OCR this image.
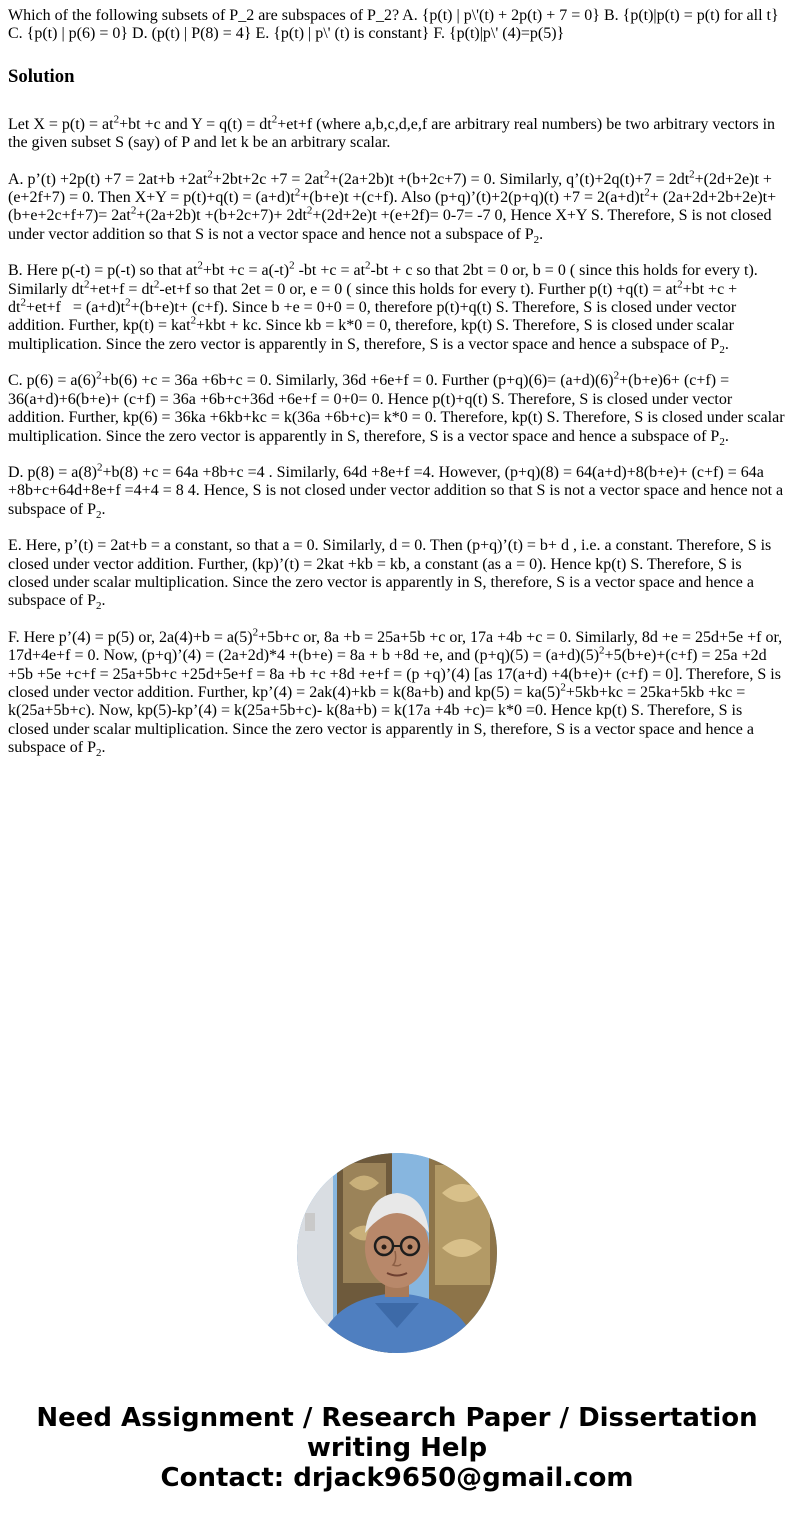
Which of the following subsets of P_2 are subspaces of P_2? A. {p(t) | p\'(t) + 2p(t) + 7 = 0} B. {p(t)|p(t) = p(t) for all t} C. {p(t) | p(6) = 0} D. (p(t) | P(8) = 4} E. {p(t) | p\' (t) is constant} F. {p(t)|p\' (4)=p(5)}

Solution

Let $X = p(t) = at^2+bt +c$ and $Y = q(t) = dt^2+et+f$ (where a,b,c,d,e,f are arbitrary real numbers) be two arbitrary vectors in the given subset S (say) of P and let k be an arbitrary scalar.

A. p’(t) $+2p(t) +7 = 2at+b +2at^2+2bt+2c +7 = 2at^2+(2a+2b)t +(b+2c+7) = 0$. Similarly, q’(t)+2q(t)+7 = $2dt^2+(2d+2e)t +(e+2f+7) = 0$. Then $X+Y = p(t)+q(t) = (a+d)t^2+(b+e)t +(c+f)$. Also (p+q)’(t)+2(p+q)(t) $+7 = 2(a+d)t^2+ (2a+2d+2b+2e)t+(b+e+2c+f+7)= 2at^2+(2a+2b)t +(b+2c+7)+ 2dt^2+(2d+2e)t +(e+2f)= 0-7= -7$ 0, Hence X+Y S. Therefore, S is not closed under vector addition so that S is not a vector space and hence not a subspace of $P_2$.

B. Here p(-t) = p(-t) so that $at^2+bt +c = a(-t)^2$ $-bt +c = at^2-bt + c$ so that 2bt = 0 or, b = 0 ( since this holds for every t). Similarly $dt^2+et+f = dt^2-et+f$ so that 2et = 0 or, e = 0 ( since this holds for every t). Further $p(t) +q(t) = at^2+bt +c + dt^2+et+f = (a+d)t^2+(b+e)t+ (c+f)$. Since b +e = 0+0 = 0, therefore p(t)+q(t) S. Therefore, S is closed under vector addition. Further, kp(t) = kat$^2$+kbt + kc. Since kb = k*0 = 0, therefore, kp(t) S. Therefore, S is closed under scalar multiplication. Since the zero vector is apparently in S, therefore, S is a vector space and hence a subspace of $P_2$.

C. $p(6) = a(6)^2+b(6) +c = 36a +6b+c = 0$. Similarly, 36d +6e+f = 0. Further $(p+q)(6)= (a+d)(6)^2+(b+e)6+ (c+f) = 36(a+d)+6(b+e)+ (c+f) = 36a +6b+c+36d +6e+f = 0+0= 0$. Hence p(t)+q(t) S. Therefore, S is closed under vector addition. Further, kp(6) = 36ka +6kb+kc = k(36a +6b+c)= k*0 = 0. Therefore, kp(t) S. Therefore, S is closed under scalar multiplication. Since the zero vector is apparently in S, therefore, S is a vector space and hence a subspace of $P_2$.

D. $p(8) = a(8)^2+b(8) +c = 64a +8b+c =4$ . Similarly, 64d +8e+f =4. However, (p+q)(8) = 64(a+d)+8(b+e)+ (c+f) = 64a +8b+c+64d+8e+f =4+4 = 8 4. Hence, S is not closed under vector addition so that S is not a vector space and hence not a subspace of $P_2$.

E. Here, p’(t) = 2at+b = a constant, so that a = 0. Similarly, d = 0. Then (p+q)’(t) = b+ d , i.e. a constant. Therefore, S is closed under vector addition. Further, (kp)’(t) = 2kat +kb = kb, a constant (as a = 0). Hence kp(t) S. Therefore, S is closed under scalar multiplication. Since the zero vector is apparently in S, therefore, S is a vector space and hence a subspace of $P_2$.

F. Here p’(4) = p(5) or, $2a(4)+b = a(5)^2+5b+c$ or, 8a +b = 25a+5b +c or, 17a +4b +c = 0. Similarly, 8d +e = 25d+5e +f or, 17d+4e+f = 0. Now, (p+q)’(4) = (2a+2d)*4 +(b+e) = 8a + b +8d +e, and $(p+q)(5) = (a+d)(5)^2+5(b+e)+(c+f) = 25a +2d +5b +5e +c+f = 25a+5b+c +25d+5e+f = 8a +b +c +8d +e+f = (p$ +q)’(4) [as 17(a+d) +4(b+e)+ (c+f) = 0]. Therefore, S is closed under vector addition. Further, kp’(4) = 2ak(4)+kb = k(8a+b) and $kp(5) = ka(5)^2+5kb+kc = 25ka+5kb +kc = k(25a+5b+c)$. Now, kp(5)-kp’(4) = k(25a+5b+c)- k(8a+b) = k(17a +4b +c)= k*0 =0. Hence kp(t) S. Therefore, S is closed under scalar multiplication. Since the zero vector is apparently in S, therefore, S is a vector space and hence a subspace of $P_2$.

Need Assignment / Research Paper / Dissertation
writing Help
Contact: drjack9650@gmail.com
